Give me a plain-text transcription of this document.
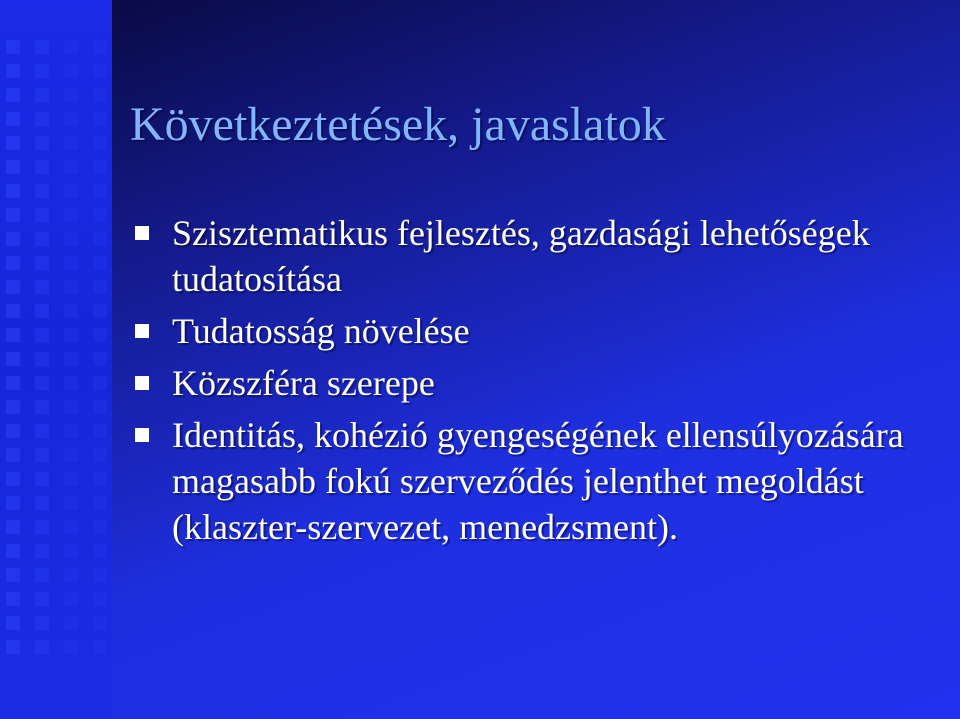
Következtetések, javaslatok
Szisztematikus fejlesztés, gazdasági lehetőségek tudatosítása
Tudatosság növelése
Közszféra szerepe
Identitás, kohézió gyengeségének ellensúlyozására magasabb fokú szerveződés jelenthet megoldást (klaszter-szervezet, menedzsment).
